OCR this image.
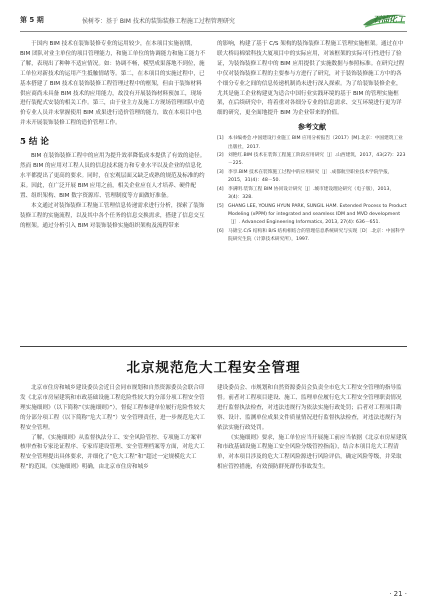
第 5 期	侯树苓：基于 BIM 技术的装饰装修工程施工过程管理研究	石油化工

于国内 BIM 技术在装饰装修专业的运用较少，在本项目实施初期，BIM 团队对业主单位的项目管理能力，和施工单位的协调能力和施工能力不了解，表现出了种种不适应情况。如：协调不畅，模型成果落地不到位，施工单位对新技术的运用产生抵触情绪等。第二，在本项目的实施过程中，已基本搭建了 BIM 技术在装饰装修工程管理过程中的框架，但由于装饰材料供应商尚未具备 BIM 技术的应用能力，故没有开展装饰材料预加工，现场进行装配式安装的相关工作。第三，由于业主方及施工方现场管理团队中造价专业人员并未掌握使用 BIM 成果进行造价管理的能力，故在本项目中也并未开展装饰装修工程的造价管理工作。

5 结 论

BIM 在装饰装修工程中的应用为提升效率降低成本提供了有效的途径。然而 BIM 的应用对工程人员的信息技术能力和专业水平以及企业的信息化水平都提出了更高的要求。同时，在宏观层面又缺乏成熟的规范及标准的约束。因此，在广泛开展 BIM 应用之前，相关企业应在人才培养、硬件配置、组织架构、BIM 数字资源库、管理制度等方面做好准备。

本文通过对装饰装修工程施工管理信息传递需求进行分析，探索了装饰装修工程的实施流程，以及其中各个任务的信息交换需求，搭建了信息交互的框架。通过分析引入 BIM 对装饰装修实施组织架构及流程带来

的影响，构建了基于 C/S 架构的装饰装修工程施工管理实施框架。通过在中联大桥局棉梁科技大厦项目中的实际应用，对该框架的实际可行性进行了验证，为装饰装修工程中的 BIM 应用提供了实施数据与参照标准。在研究过程中仅对装饰装修工程的主要参与方进行了研究，对于装饰装修施工方中的各个细分专业之间的信息传递机制尚未进行深入探索。为了给装饰装修企业，尤其是施工企业构建更为适合中国行业实践环境的基于 BIM 的管理实施框架，在后续研究中，将着重对各细分专业的信息需求、交互环境进行更为详细的研究，更全面地提升 BIM 为企业带来的价值。

参考文献
[1] 本书编委会.中国建设行业施工 BIM 应用分析报告（2017）[M].北京：中国建筑工业出版社，2017.
[2] 刘艳红.BIM 技术在装饰工程施工阶段应用研究［J］.山西建筑，2017，43(27)：223－225.
[3] 李享.BIM 技术在装饰施工过程中的应用研究［J］.成都航空职业技术学院学报，2015，31(4)：48－50.
[4] 李满明.装饰工程 BIM 协同设计研究［J］.城市建设理论研究（电子版），2013，3(4)：328.
[5] GHANG LEE, YOUNG HYUN PARK, SUNGIL HAM. Extended Process to Product Modeling (xPPM) for integrated and seamless IDM and MVD development［J］. Advanced Engineering Informatics, 2013, 27(4): 636－651.
[6] 马锦宝.C/S 结构和 B/S 结构相结合的管理信息系统研究与实现［D］.北京：中国科学院研究生院（计算技术研究所），1997.
北京规范危大工程安全管理

北京市住房和城乡建设委员会近日会同市规划和自然资源委员会联合印发《北京市房屋建筑和市政基础设施工程危险性较大的分部分项工程安全管理实施细则》（以下简称“《实施细则》”），督促工程参建单位履行危险性较大的分部分项工程（以下简称“危大工程”）安全管理责任，进一步规范危大工程安全管理。

了解，《实施细则》从监督执法分工、安全风险管控、专项施工方案审核审查和专家论证程序、专家库建设管理、安全管理档案等方面，对危大工程安全管理提出具体要求，并细化了“危大工程”和“超过一定规模危大工程”的范围。《实施细则》明确，由北京市住房和城乡

建设委员会、市规划和自然资源委员会负责全市危大工程安全管理的指导监督。前者对工程项目建设、施工、监理单位履行危大工程安全管理职责情况进行监督执法检查，对违法违规行为依法实施行政处罚；后者对工程项目勘察、设计、监测单位成果文件质量情况进行监督执法检查，对违法违规行为依法实施行政处罚。

《实施细则》要求，施工单位应当开展施工前应当依据《北京市房屋建筑和市政基础设施工程施工安全风险分级管控指南》，结合本项目危大工程清单，对本项目涉及的危大工程风险源进行风险评估，确定风险等级，并采取相应管控措施，有效预防群死群伤事故发生。

· 21 ·
